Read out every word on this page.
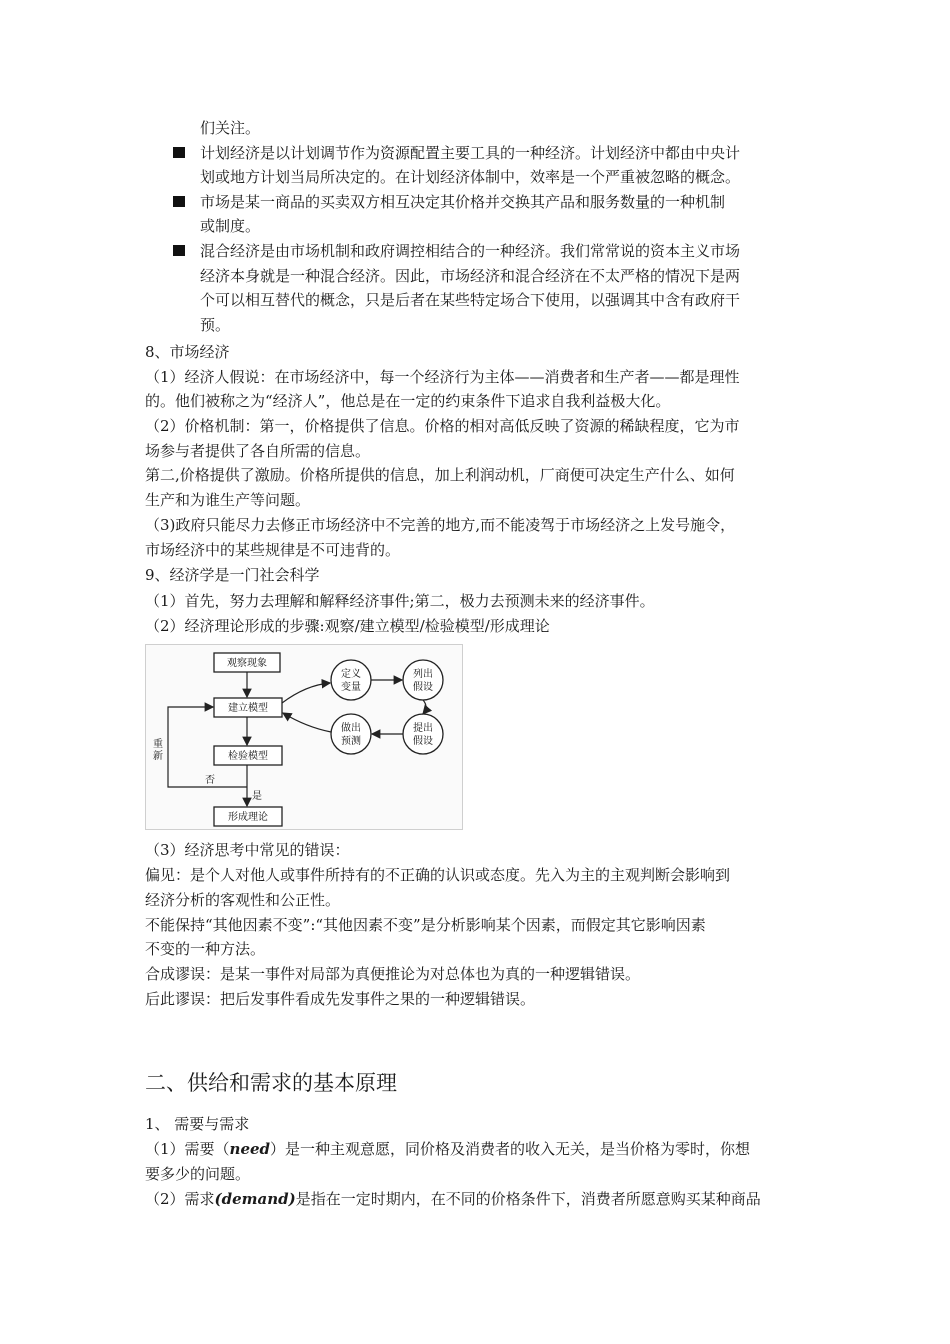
们关注。
计划经济是以计划调节作为资源配置主要工具的一种经济。计划经济中都由中央计
划或地方计划当局所决定的。在计划经济体制中，效率是一个严重被忽略的概念。
市场是某一商品的买卖双方相互决定其价格并交换其产品和服务数量的一种机制
或制度。
混合经济是由市场机制和政府调控相结合的一种经济。我们常常说的资本主义市场
经济本身就是一种混合经济。因此，市场经济和混合经济在不太严格的情况下是两
个可以相互替代的概念，只是后者在某些特定场合下使用，以强调其中含有政府干
预。
8、市场经济
（1）经济人假说：在市场经济中，每一个经济行为主体——消费者和生产者——都是理性
的。他们被称之为“经济人”，他总是在一定的约束条件下追求自我利益极大化。
（2）价格机制：第一，价格提供了信息。价格的相对高低反映了资源的稀缺程度，它为市
场参与者提供了各自所需的信息。
第二,价格提供了激励。价格所提供的信息，加上利润动机，厂商便可决定生产什么、如何
生产和为谁生产等问题。
（3)政府只能尽力去修正市场经济中不完善的地方,而不能凌驾于市场经济之上发号施令，
市场经济中的某些规律是不可违背的。
9、经济学是一门社会科学
（1）首先，努力去理解和解释经济事件;第二，极力去预测未来的经济事件。
（2）经济理论形成的步骤:观察/建立模型/检验模型/形成理论
观察现象
建立模型
检验模型
形成理论
定义
变量
列出
假设
做出
预测
提出
假设
重
新
否
是
（3）经济思考中常见的错误：
偏见：是个人对他人或事件所持有的不正确的认识或态度。先入为主的主观判断会影响到
经济分析的客观性和公正性。
不能保持“其他因素不变”:“其他因素不变”是分析影响某个因素，而假定其它影响因素
不变的一种方法。
合成谬误：是某一事件对局部为真便推论为对总体也为真的一种逻辑错误。
后此谬误：把后发事件看成先发事件之果的一种逻辑错误。
二、供给和需求的基本原理
1、 需要与需求
（1）需要（need）是一种主观意愿，同价格及消费者的收入无关，是当价格为零时，你想
要多少的问题。
（2）需求(demand)是指在一定时期内，在不同的价格条件下，消费者所愿意购买某种商品
